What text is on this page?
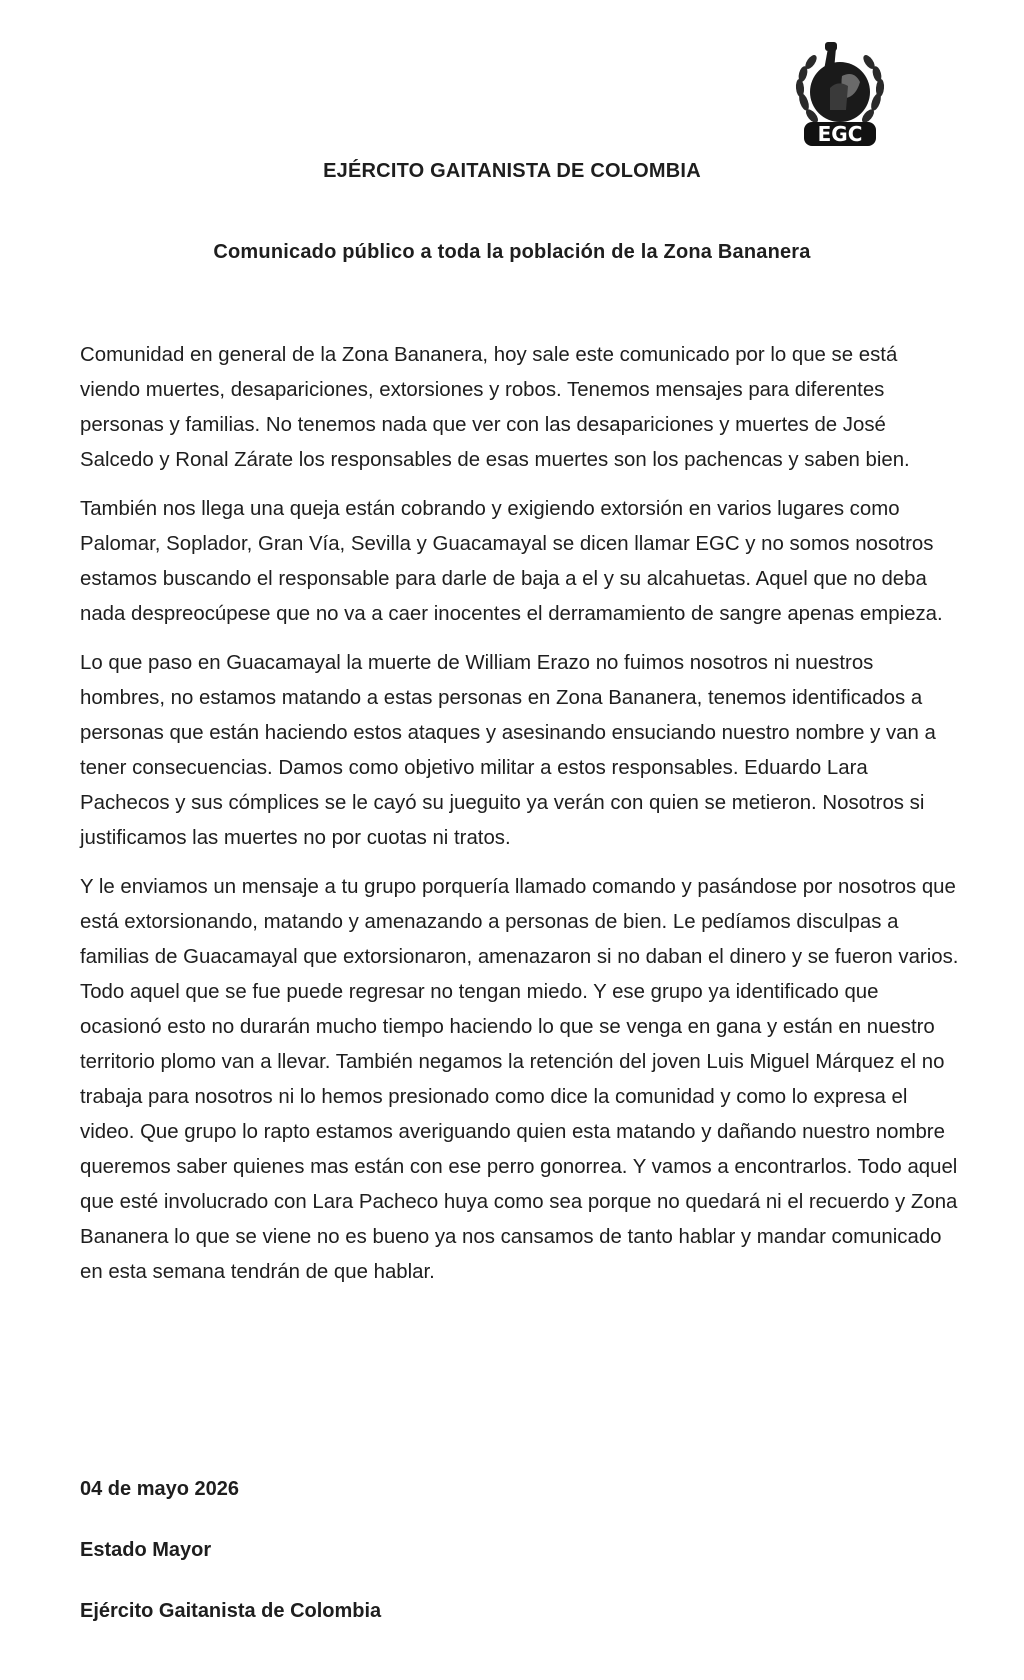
EGC
EJÉRCITO GAITANISTA DE COLOMBIA
Comunicado público a toda la población de la Zona Bananera

Comunidad en general de la Zona Bananera, hoy sale este comunicado por lo que se está viendo muertes, desapariciones, extorsiones y robos. Tenemos mensajes para diferentes personas y familias. No tenemos nada que ver con las desapariciones y muertes de José Salcedo y Ronal Zárate los responsables de esas muertes son los pachencas y saben bien.

También nos llega una queja están cobrando y exigiendo extorsión en varios lugares como Palomar, Soplador, Gran Vía, Sevilla y Guacamayal se dicen llamar EGC y no somos nosotros estamos buscando el responsable para darle de baja a el y su alcahuetas. Aquel que no deba nada despreocúpese que no va a caer inocentes el derramamiento de sangre apenas empieza.

Lo que paso en Guacamayal la muerte de William Erazo no fuimos nosotros ni nuestros hombres, no estamos matando a estas personas en Zona Bananera, tenemos identificados a personas que están haciendo estos ataques y asesinando ensuciando nuestro nombre y van a tener consecuencias. Damos como objetivo militar a estos responsables. Eduardo Lara Pachecos y sus cómplices se le cayó su jueguito ya verán con quien se metieron. Nosotros si justificamos las muertes no por cuotas ni tratos.

Y le enviamos un mensaje a tu grupo porquería llamado comando y pasándose por nosotros que está extorsionando, matando y amenazando a personas de bien. Le pedíamos disculpas a familias de Guacamayal que extorsionaron, amenazaron si no daban el dinero y se fueron varios. Todo aquel que se fue puede regresar no tengan miedo. Y ese grupo ya identificado que ocasionó esto no durarán mucho tiempo haciendo lo que se venga en gana y están en nuestro territorio plomo van a llevar. También negamos la retención del joven Luis Miguel Márquez el no trabaja para nosotros ni lo hemos presionado como dice la comunidad y como lo expresa el video. Que grupo lo rapto estamos averiguando quien esta matando y dañando nuestro nombre queremos saber quienes mas están con ese perro gonorrea. Y vamos a encontrarlos. Todo aquel que esté involucrado con Lara Pacheco huya como sea porque no quedará ni el recuerdo y Zona Bananera lo que se viene no es bueno ya nos cansamos de tanto hablar y mandar comunicado en esta semana tendrán de que hablar.

04 de mayo 2026
Estado Mayor
Ejército Gaitanista de Colombia
